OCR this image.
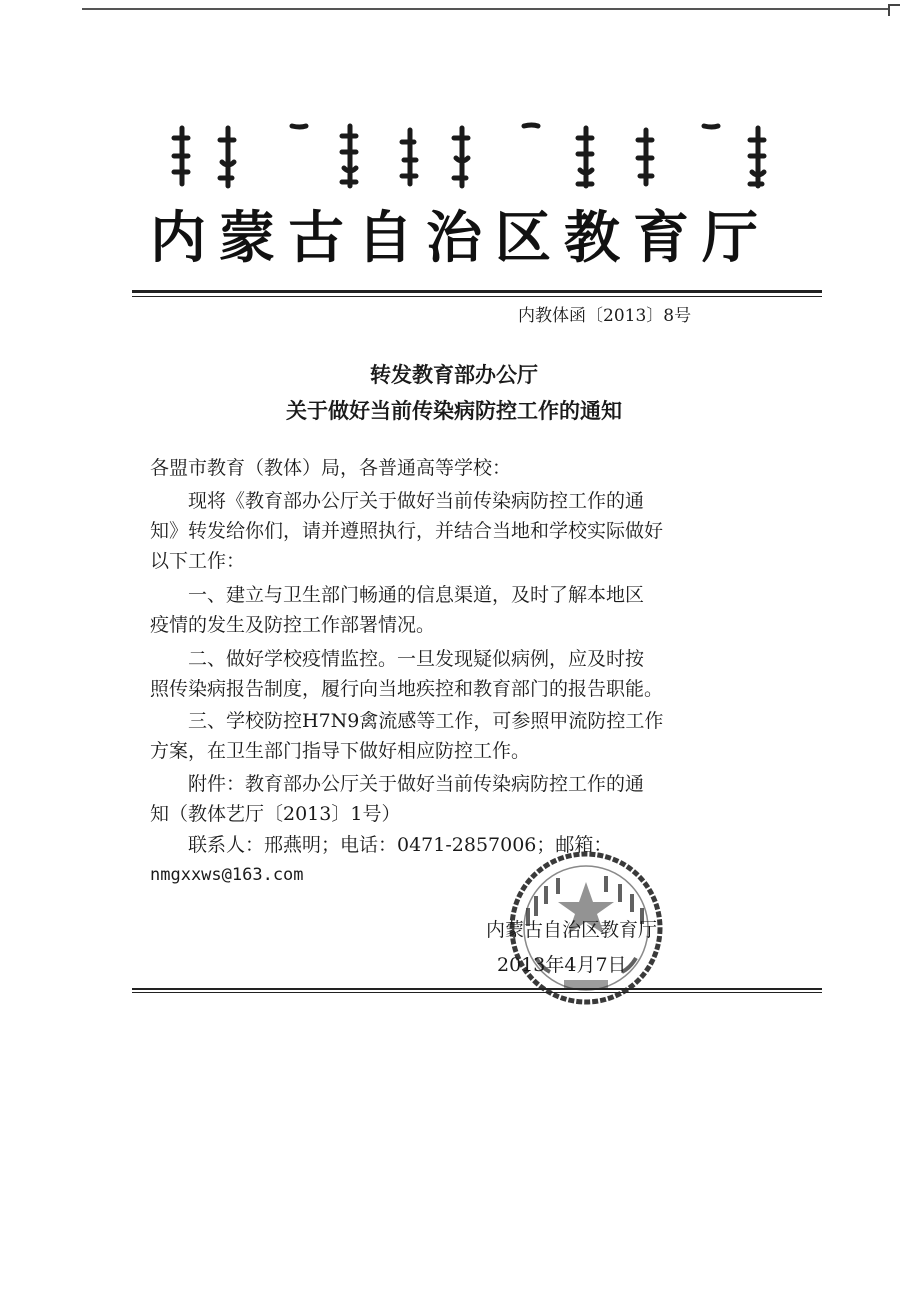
内蒙古自治区教育厅
内教体函〔2013〕8号
转发教育部办公厅
关于做好当前传染病防控工作的通知
各盟市教育（教体）局，各普通高等学校：
现将《教育部办公厅关于做好当前传染病防控工作的通
知》转发给你们，请并遵照执行，并结合当地和学校实际做好
以下工作：
一、建立与卫生部门畅通的信息渠道，及时了解本地区
疫情的发生及防控工作部署情况。
二、做好学校疫情监控。一旦发现疑似病例，应及时按
照传染病报告制度，履行向当地疾控和教育部门的报告职能。
三、学校防控H7N9禽流感等工作，可参照甲流防控工作
方案，在卫生部门指导下做好相应防控工作。
附件：教育部办公厅关于做好当前传染病防控工作的通
知（教体艺厅〔2013〕1号）
联系人：邢燕明；电话：0471-2857006；邮箱：
nmgxxws@163.com
内蒙古自治区教育厅
2013年4月7日
